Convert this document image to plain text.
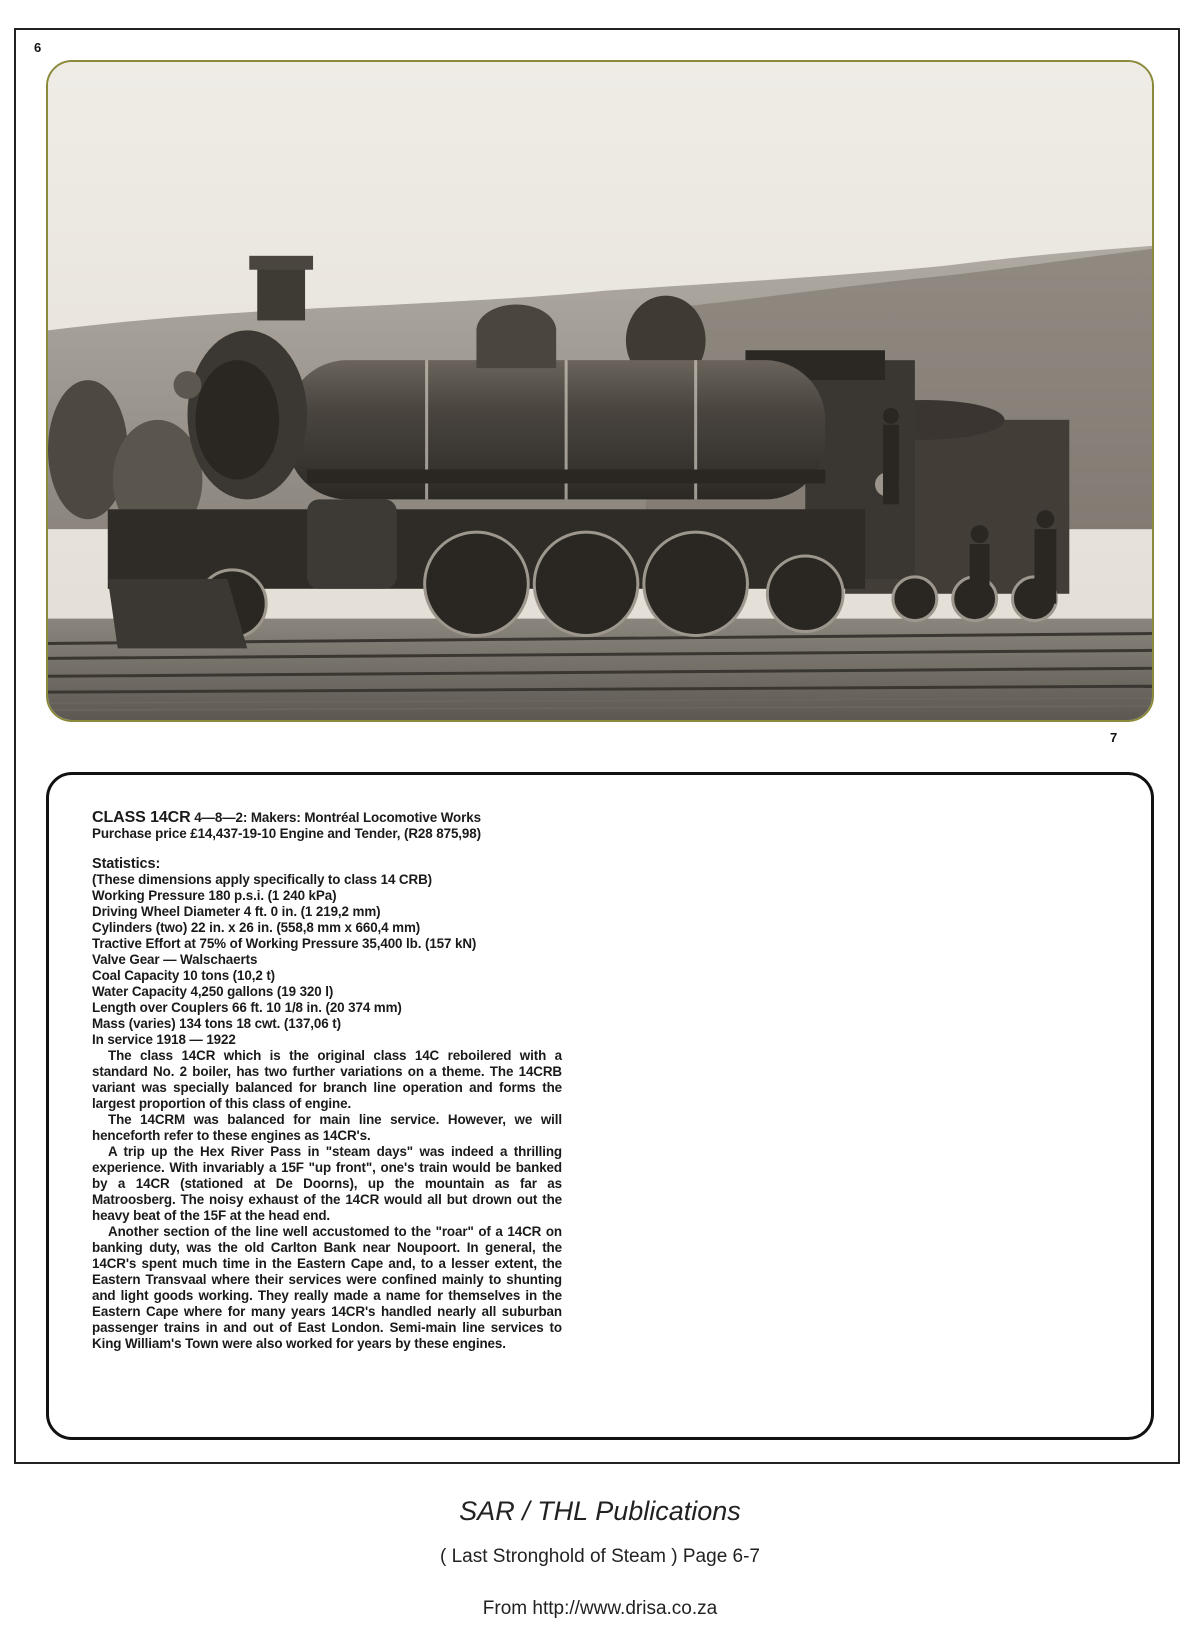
6
7
CLASS 14CR 4—8—2: Makers: Montréal Locomotive Works
Purchase price £14,437-19-10 Engine and Tender, (R28 875,98)
Statistics:
(These dimensions apply specifically to class 14 CRB)
Working Pressure 180 p.s.i. (1 240 kPa)
Driving Wheel Diameter 4 ft. 0 in. (1 219,2 mm)
Cylinders (two) 22 in. x 26 in. (558,8 mm x 660,4 mm)
Tractive Effort at 75% of Working Pressure 35,400 lb. (157 kN)
Valve Gear — Walschaerts
Coal Capacity 10 tons (10,2 t)
Water Capacity 4,250 gallons (19 320 l)
Length over Couplers 66 ft. 10 1/8 in. (20 374 mm)
Mass (varies) 134 tons 18 cwt. (137,06 t)
In service 1918 — 1922

The class 14CR which is the original class 14C reboilered with a standard No. 2 boiler, has two further variations on a theme. The 14CRB variant was specially balanced for branch line operation and forms the largest proportion of this class of engine.

The 14CRM was balanced for main line service. However, we will henceforth refer to these engines as 14CR's.

A trip up the Hex River Pass in "steam days" was indeed a thrilling experience. With invariably a 15F "up front", one's train would be banked by a 14CR (stationed at De Doorns), up the mountain as far as Matroosberg. The noisy exhaust of the 14CR would all but drown out the heavy beat of the 15F at the head end.

Another section of the line well accustomed to the "roar" of a 14CR on banking duty, was the old Carlton Bank near Noupoort. In general, the 14CR's spent much time in the Eastern Cape and, to a lesser extent, the Eastern Transvaal where their services were confined mainly to shunting and light goods working. They really made a name for themselves in the Eastern Cape where for many years 14CR's handled nearly all suburban passenger trains in and out of East London. Semi-main line services to King William's Town were also worked for years by these engines.

SAR / THL Publications
( Last Stronghold of Steam ) Page 6-7
From http://www.drisa.co.za
